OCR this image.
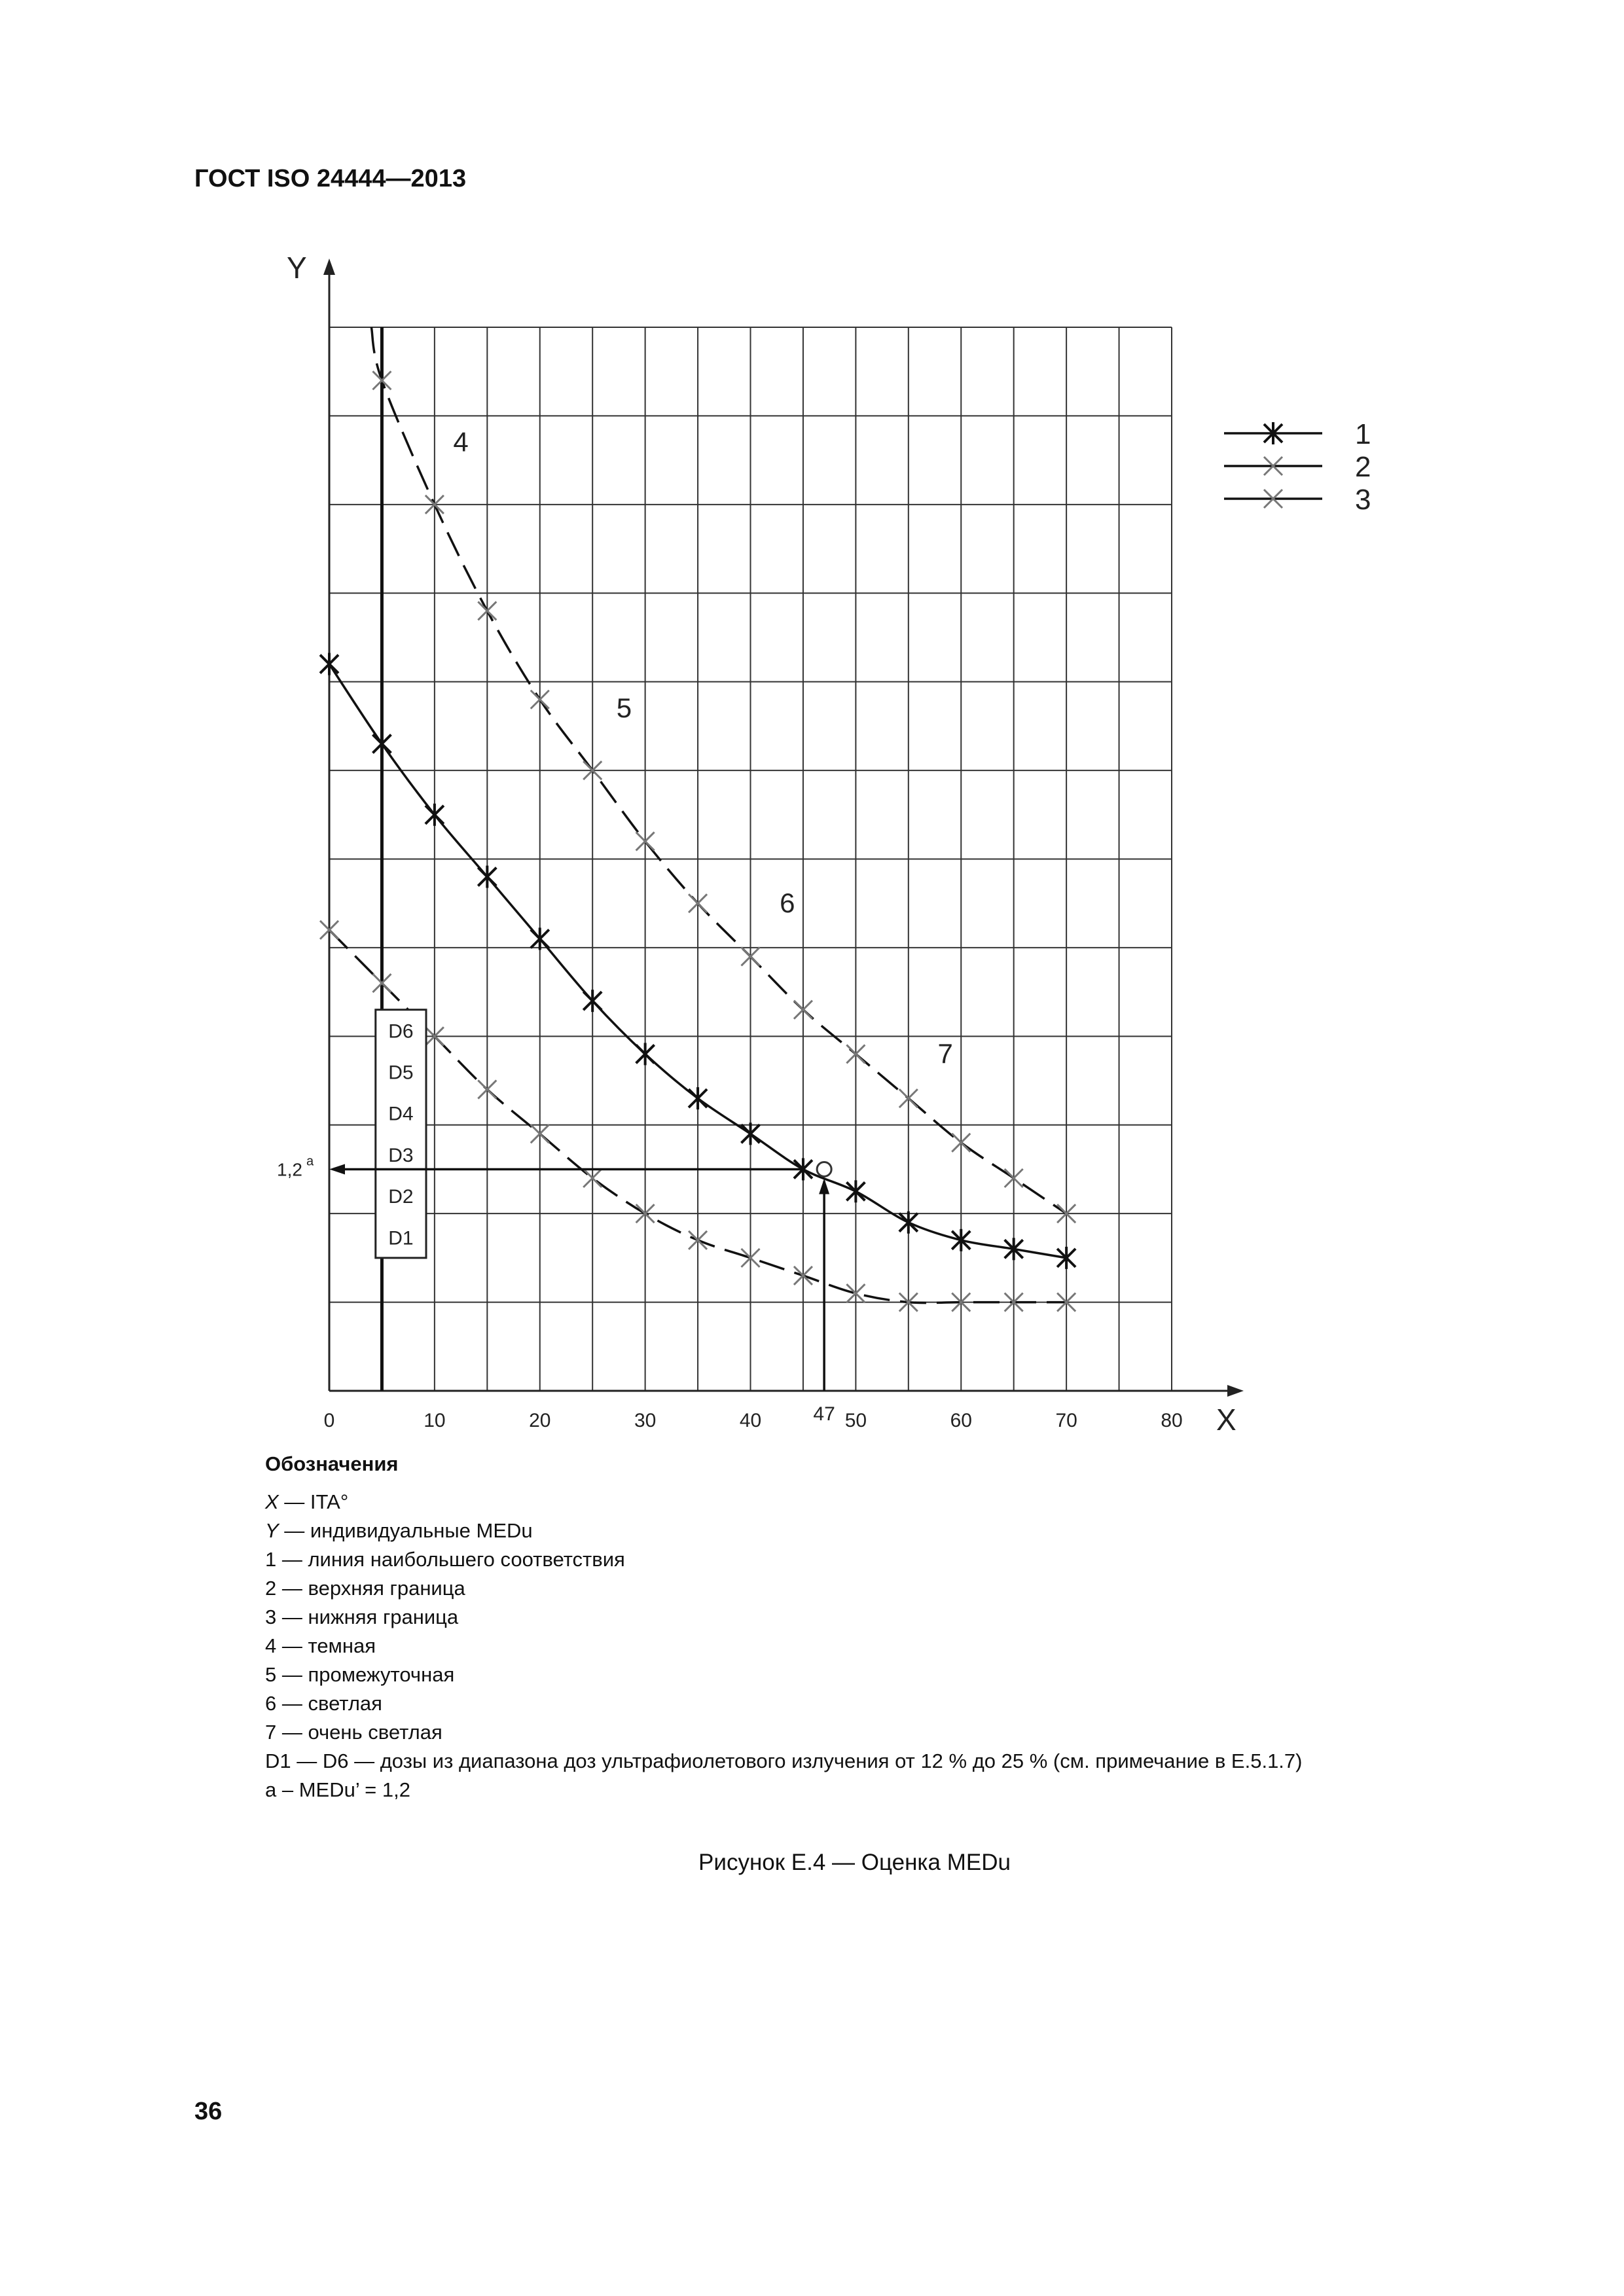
ГОСТ ISO 24444—2013
X
Y
0	10	20	30	40	50	60	70	80
4
5
6
7
D6
D5
D4
D3
D2
D1
47
1,2 a
1
2
3
Обозначения
X — ITA°
Y — индивидуальные MEDu
1 — линия наибольшего соответствия
2 — верхняя граница
3 — нижняя граница
4 — темная
5 — промежуточная
6 — светлая
7 — очень светлая
D1 — D6 — дозы из диапазона доз ультрафиолетового излучения от 12 % до 25 % (см. примечание в E.5.1.7)
a – MEDu’ = 1,2
Рисунок Е.4 — Оценка MEDu
36
